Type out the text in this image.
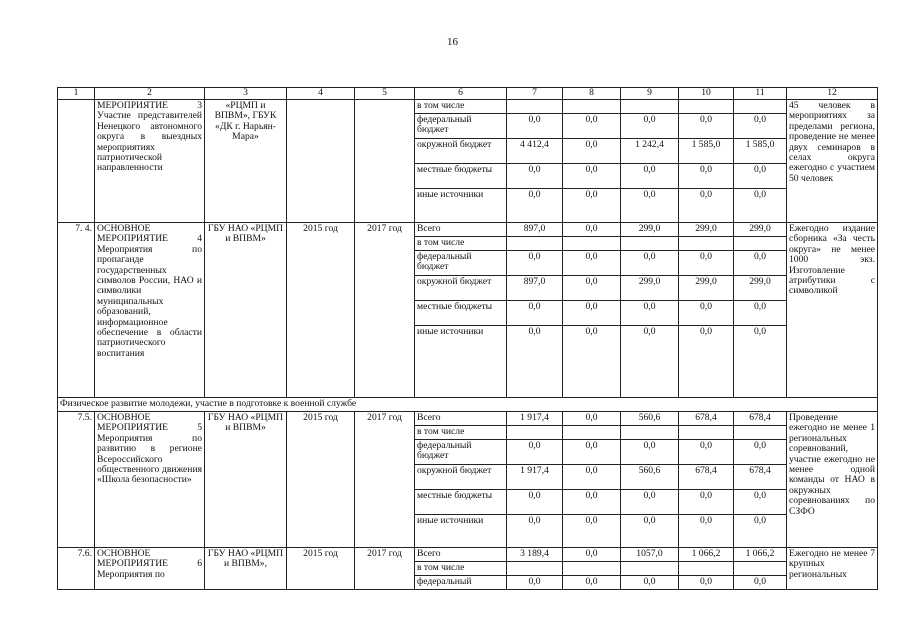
16
1	2	3	4	5	6	7	8	9	10	11	12
	МЕРОПРИЯТИЕ 3 Участие представителей Ненецкого автономного округа в выездных мероприятиях патриотической направленности	«РЦМП и ВПВМ», ГБУК «ДК г. Нарьян-Мара»			в том числе						45 человек в мероприятиях за пределами региона, проведение не менее двух семинаров в селах округа ежегодно с участием 50 человек
					федеральный бюджет	0,0	0,0	0,0	0,0	0,0	
					окружной бюджет	4 412,4	0,0	1 242,4	1 585,0	1 585,0	
					местные бюджеты	0,0	0,0	0,0	0,0	0,0	
					иные источники	0,0	0,0	0,0	0,0	0,0	
7. 4.	ОСНОВНОЕ МЕРОПРИЯТИЕ 4 Мероприятия по пропаганде государственных символов России, НАО и символики муниципальных образований, информационное обеспечение в области патриотического воспитания	ГБУ НАО «РЦМП и ВПВМ»	2015 год	2017 год	Всего	897,0	0,0	299,0	299,0	299,0	Ежегодно издание сборника «За честь округа» не менее 1000 экз. Изготовление атрибутики с символикой
					в том числе						
					федеральный бюджет	0,0	0,0	0,0	0,0	0,0	
					окружной бюджет	897,0	0,0	299,0	299,0	299,0	
					местные бюджеты	0,0	0,0	0,0	0,0	0,0	
					иные источники	0,0	0,0	0,0	0,0	0,0	
Физическое развитие молодежи, участие в подготовке к военной службе											
7.5.	ОСНОВНОЕ МЕРОПРИЯТИЕ 5 Мероприятия по развитию в регионе Всероссийского общественного движения «Школа безопасности»	ГБУ НАО «РЦМП и ВПВМ»	2015 год	2017 год	Всего	1 917,4	0,0	560,6	678,4	678,4	Проведение ежегодно не менее 1 региональных соревнований, участие ежегодно не менее одной команды от НАО в окружных соревнованиях по СЗФО
					в том числе						
					федеральный бюджет	0,0	0,0	0,0	0,0	0,0	
					окружной бюджет	1 917,4	0,0	560,6	678,4	678,4	
					местные бюджеты	0,0	0,0	0,0	0,0	0,0	
					иные источники	0,0	0,0	0,0	0,0	0,0	
7.6.	ОСНОВНОЕ МЕРОПРИЯТИЕ 6 Мероприятия по	ГБУ НАО «РЦМП и ВПВМ»,	2015 год	2017 год	Всего	3 189,4	0,0	1057,0	1 066,2	1 066,2	Ежегодно не менее 7 крупных региональных
					в том числе						
					федеральный	0,0	0,0	0,0	0,0	0,0	
